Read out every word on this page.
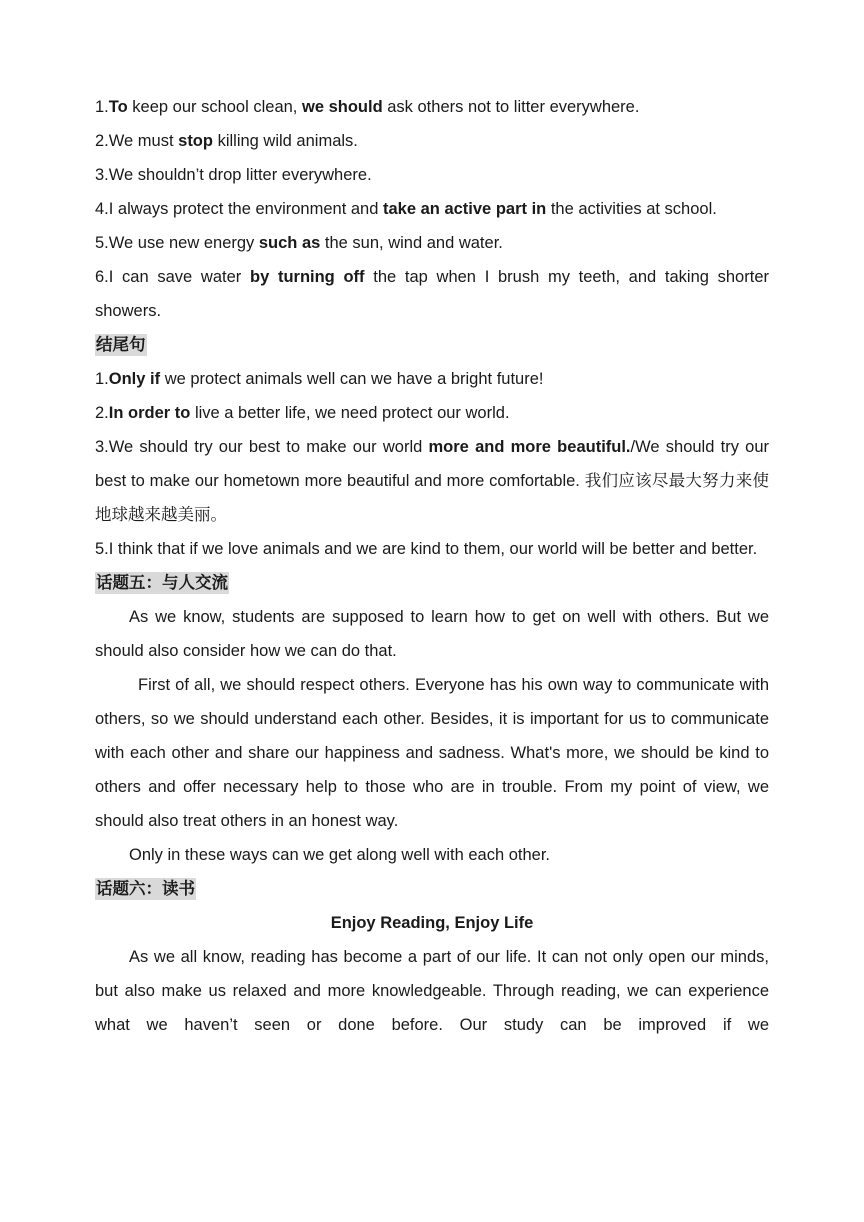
1.To keep our school clean, we should ask others not to litter everywhere.
2.We must stop killing wild animals.
3.We shouldn’t drop litter everywhere.
4.I always protect the environment and take an active part in the activities at school.
5.We use new energy such as the sun, wind and water.

6.I can save water by turning off the tap when I brush my teeth, and taking shorter showers.

结尾句
1.Only if we protect animals well can we have a bright future!
2.In order to live a better life, we need protect our world.

3.We should try our best to make our world more and more beautiful./We should try our best to make our hometown more beautiful and more comfortable. 我们应该尽最大努力来使地球越来越美丽。

5.I think that if we love animals and we are kind to them, our world will be better and better.

话题五：与人交流

As we know, students are supposed to learn how to get on well with others. But we should also consider how we can do that.

First of all, we should respect others. Everyone has his own way to communicate with others, so we should understand each other. Besides, it is important for us to communicate with each other and share our happiness and sadness. What's more, we should be kind to others and offer necessary help to those who are in trouble. From my point of view, we should also treat others in an honest way.

Only in these ways can we get along well with each other.

话题六：读书
Enjoy Reading, Enjoy Life

As we all know, reading has become a part of our life. It can not only open our minds, but also make us relaxed and more knowledgeable. Through reading, we can experience what we haven’t seen or done before. Our study can be improved if we
